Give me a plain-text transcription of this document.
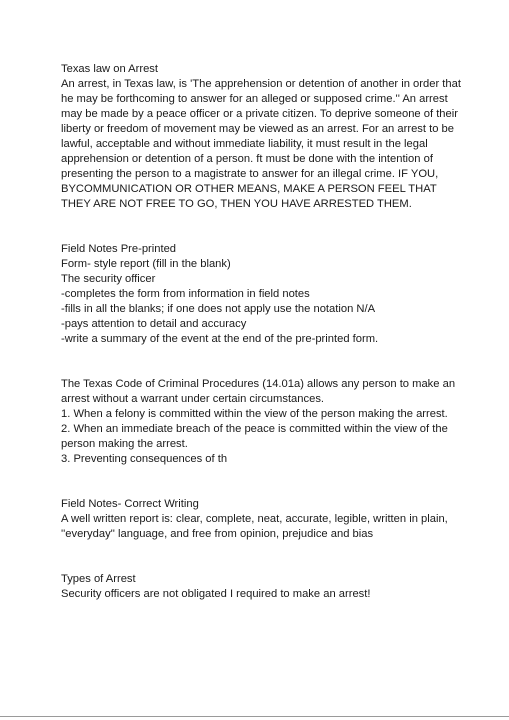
Texas law on Arrest

An arrest, in Texas law, is 'The apprehension or detention of another in order that

he may be forthcoming to answer for an alleged or supposed crime.'' An arrest

may be made by a peace officer or a private citizen. To deprive someone of their

liberty or freedom of movement may be viewed as an arrest. For an arrest to be

lawful, acceptable and without immediate liability, it must result in the legal

apprehension or detention of a person. ft must be done with the intention of

presenting the person to a magistrate to answer for an illegal crime. IF YOU,

BYCOMMUNICATION OR OTHER MEANS, MAKE A PERSON FEEL THAT

THEY ARE NOT FREE TO GO, THEN YOU HAVE ARRESTED THEM.

Field Notes Pre-printed

Form- style report (fill in the blank)

The security officer

-completes the form from information in field notes

-fills in all the blanks; if one does not apply use the notation N/A

-pays attention to detail and accuracy

-write a summary of the event at the end of the pre-printed form.

The Texas Code of Criminal Procedures (14.01a) allows any person to make an

arrest without a warrant under certain circumstances.

1. When a felony is committed within the view of the person making the arrest.

2. When an immediate breach of the peace is committed within the view of the

person making the arrest.

3. Preventing consequences of th

Field Notes- Correct Writing

A well written report is: clear, complete, neat, accurate, legible, written in plain,

''everyday'' language, and free from opinion, prejudice and bias

Types of Arrest

Security officers are not obligated I required to make an arrest!
